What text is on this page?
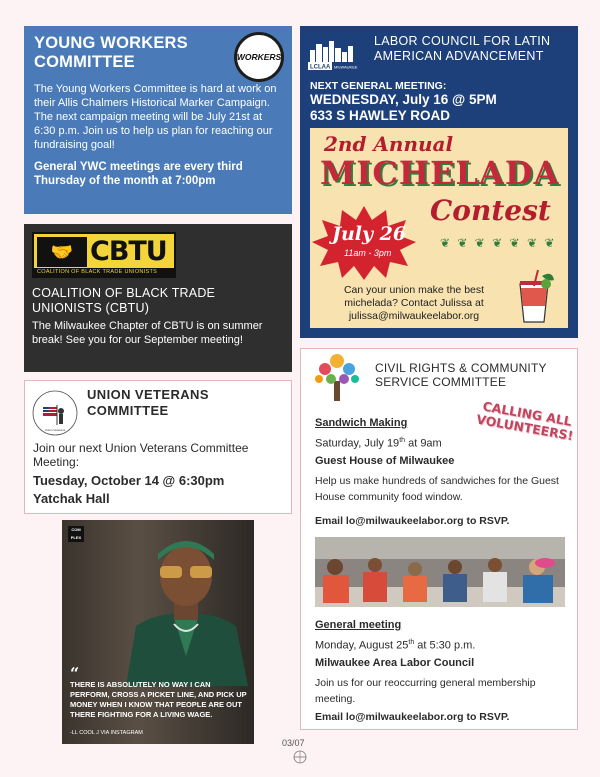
YOUNG WORKERS COMMITTEE	WORKERS

The Young Workers Committee is hard at work on their Allis Chalmers Historical Marker Campaign. The next campaign meeting will be July 21st at 6:30 p.m. Join us to help us plan for reaching our fundraising goal!

General YWC meetings are every third Thursday of the month at 7:00pm

LCLAA MILWAUKEE
LABOR COUNCIL FOR LATIN AMERICAN ADVANCEMENT
NEXT GENERAL MEETING:
WEDNESDAY, July 16 @ 5PM
633 S HAWLEY ROAD
2nd Annual
MICHELADA
Contest
❦ ❦ ❦ ❦ ❦ ❦ ❦
July 26
11am - 3pm
Can your union make the best
michelada? Contact Julissa at
julissa@milwaukeelabor.org
🤝 CBTU
COALITION OF BLACK TRADE UNIONISTS
COALITION OF BLACK TRADE UNIONISTS (CBTU)

The Milwaukee Chapter of CBTU is on summer break! See you for our September meeting!

Union Veterans
UNION VETERANS
COMMITTEE
Join our next Union Veterans Committee Meeting:
Tuesday, October 14 @ 6:30pm
Yatchak Hall
COM PLEX
“
THERE IS ABSOLUTELY NO WAY I CAN PERFORM, CROSS A PICKET LINE, AND PICK UP MONEY WHEN I KNOW THAT PEOPLE ARE OUT THERE FIGHTING FOR A LIVING WAGE.
-LL COOL J VIA INSTAGRAM
CIVIL RIGHTS & COMMUNITY
SERVICE COMMITTEE
CALLING ALL VOLUNTEERS!
Sandwich Making
Saturday, July 19th at 9am
Guest House of Milwaukee
Help us make hundreds of sandwiches for the Guest House community food window.
Email lo@milwaukeelabor.org to RSVP.
General meeting
Monday, August 25th at 5:30 p.m.
Milwaukee Area Labor Council
Join us for our reoccurring general membership meeting.
Email lo@milwaukeelabor.org to RSVP.
03/07
